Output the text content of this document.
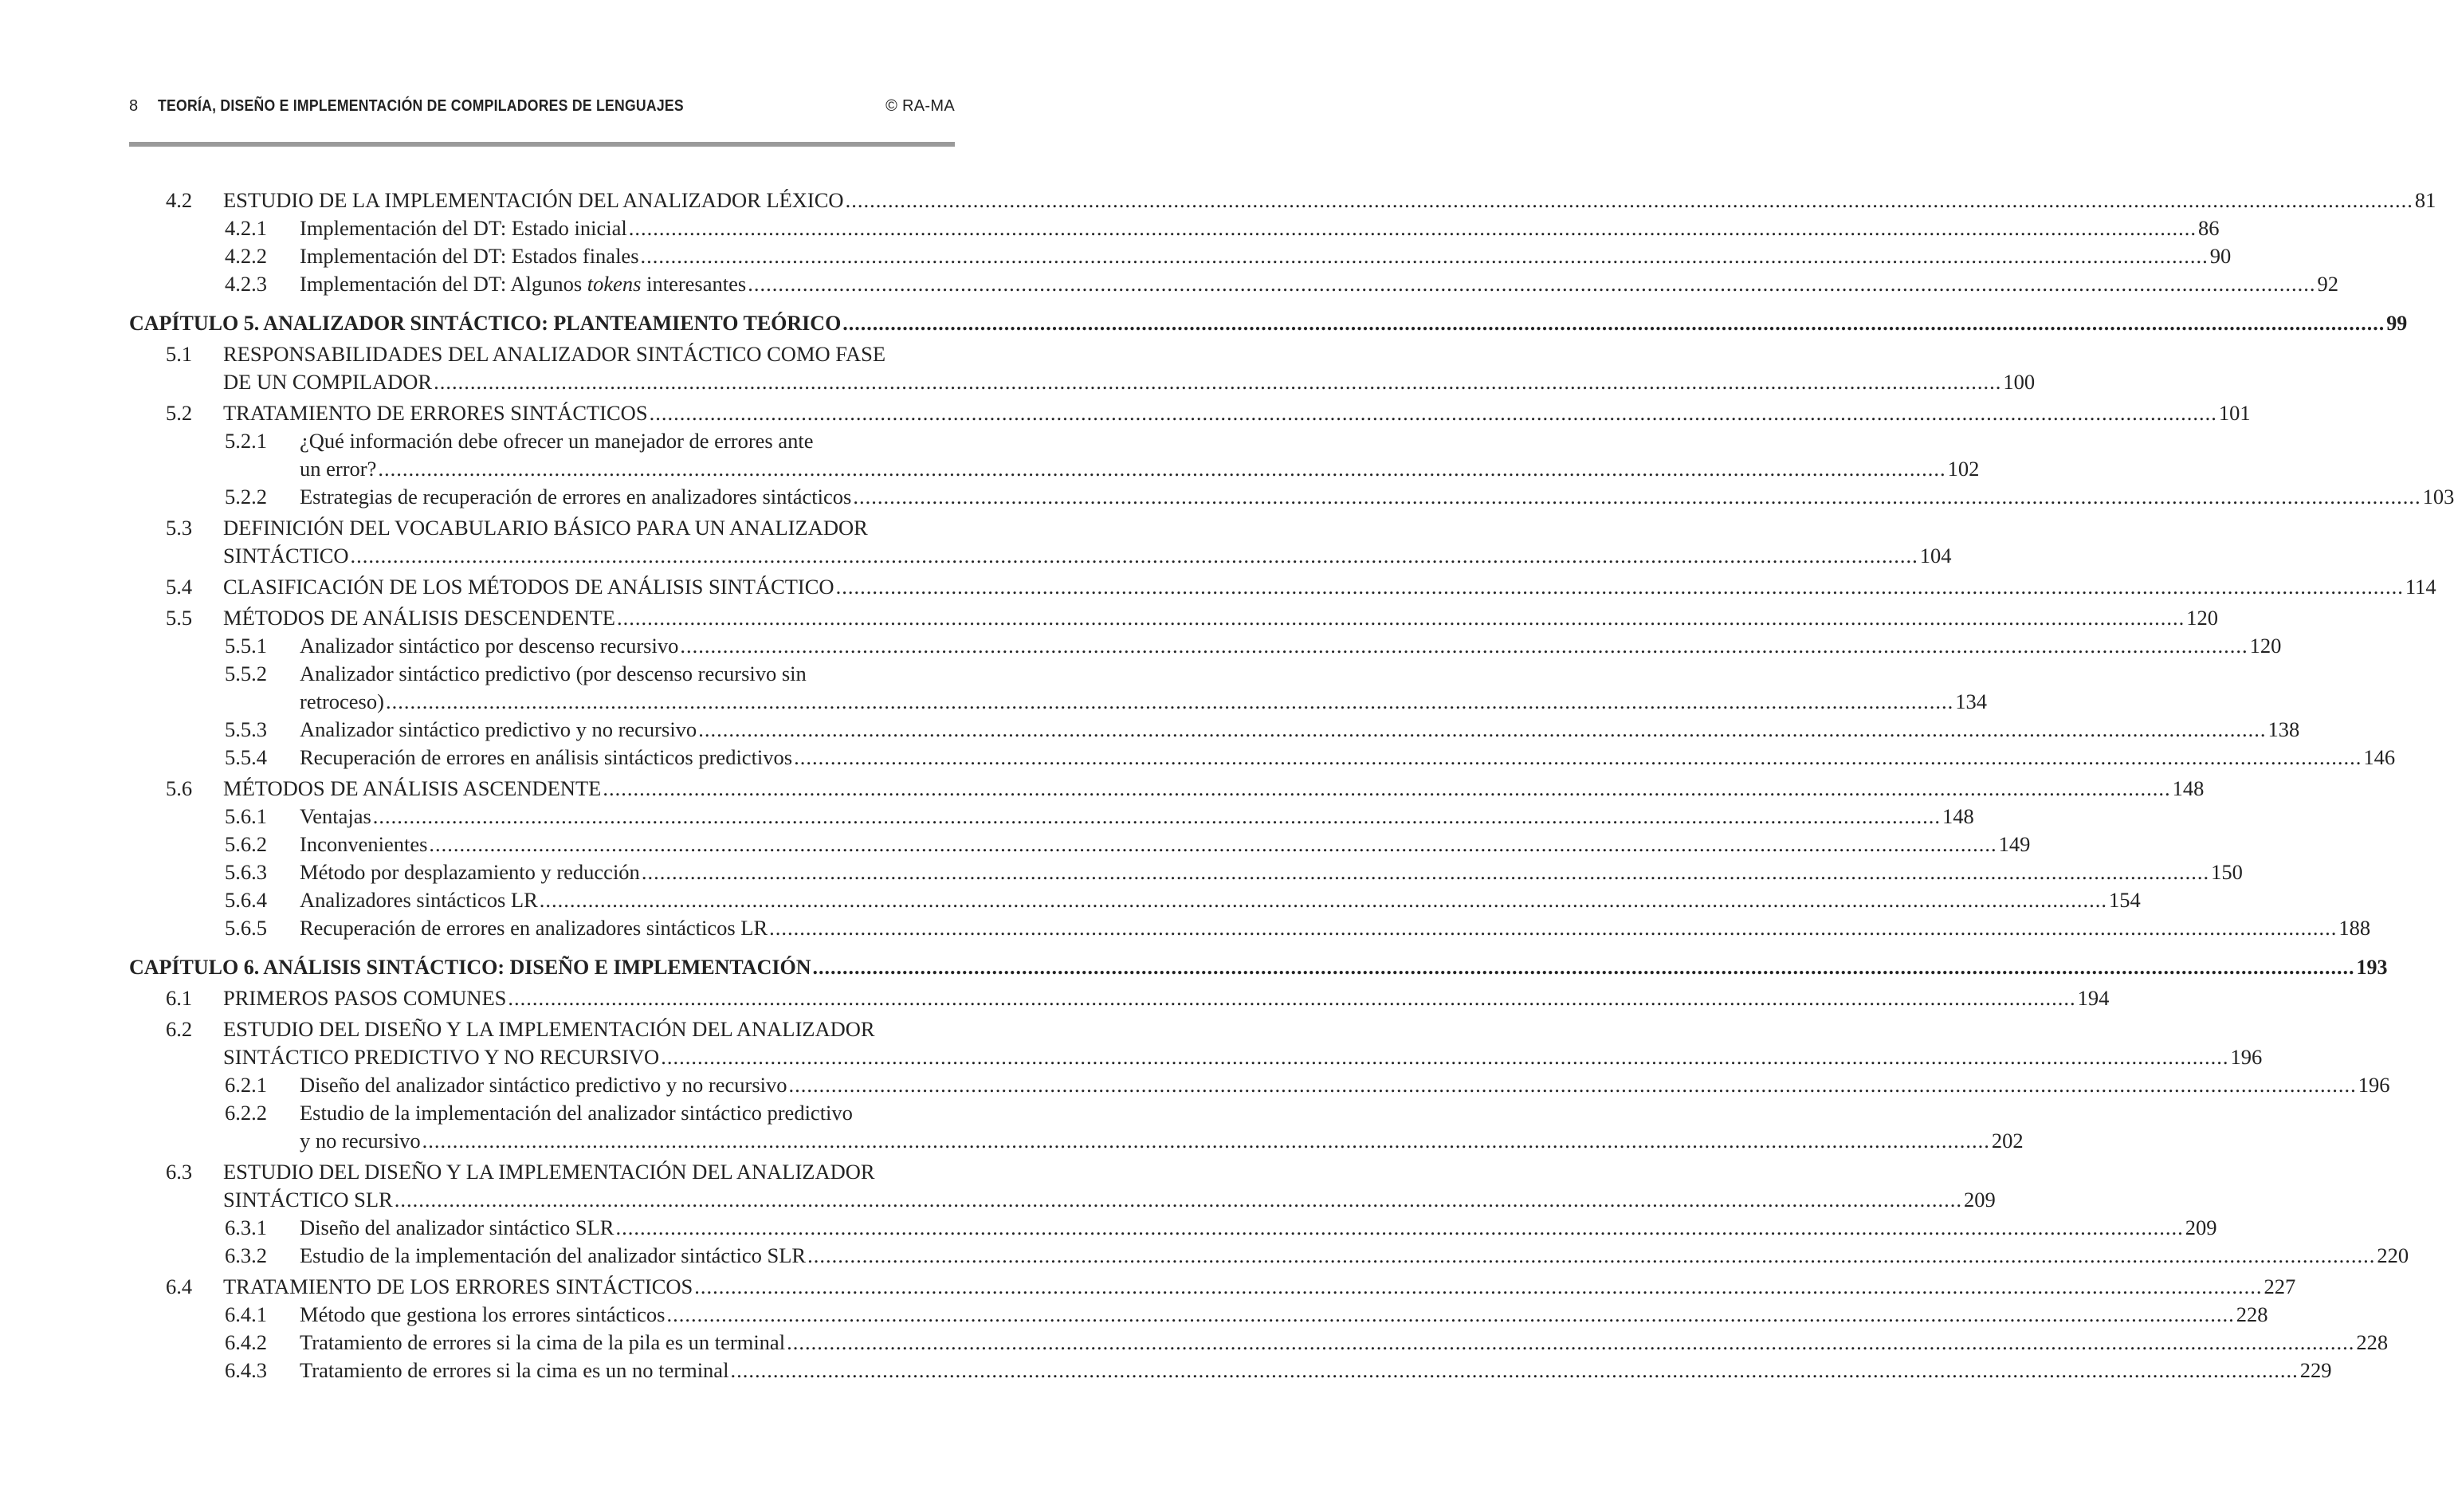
8	TEORÍA, DISEÑO E IMPLEMENTACIÓN DE COMPILADORES DE LENGUAJES	© RA-MA
4.2	ESTUDIO DE LA IMPLEMENTACIÓN DEL ANALIZADOR LÉXICO .....	81
4.2.1	Implementación del DT: Estado inicial .....	86
4.2.2	Implementación del DT: Estados finales .....	90
4.2.3	Implementación del DT: Algunos tokens interesantes .....	92
CAPÍTULO 5. ANALIZADOR SINTÁCTICO: PLANTEAMIENTO TEÓRICO .....	99
5.1	RESPONSABILIDADES DEL ANALIZADOR SINTÁCTICO COMO FASE
DE UN COMPILADOR .....	100
5.2	TRATAMIENTO DE ERRORES SINTÁCTICOS .....	101
5.2.1	¿Qué información debe ofrecer un manejador de errores ante
un error? .....	102
5.2.2	Estrategias de recuperación de errores en analizadores sintácticos .....	103
5.3	DEFINICIÓN DEL VOCABULARIO BÁSICO PARA UN ANALIZADOR
SINTÁCTICO .....	104
5.4	CLASIFICACIÓN DE LOS MÉTODOS DE ANÁLISIS SINTÁCTICO .....	114
5.5	MÉTODOS DE ANÁLISIS DESCENDENTE .....	120
5.5.1	Analizador sintáctico por descenso recursivo .....	120
5.5.2	Analizador sintáctico predictivo (por descenso recursivo sin
retroceso) .....	134
5.5.3	Analizador sintáctico predictivo y no recursivo .....	138
5.5.4	Recuperación de errores en análisis sintácticos predictivos .....	146
5.6	MÉTODOS DE ANÁLISIS ASCENDENTE .....	148
5.6.1	Ventajas .....	148
5.6.2	Inconvenientes .....	149
5.6.3	Método por desplazamiento y reducción .....	150
5.6.4	Analizadores sintácticos LR .....	154
5.6.5	Recuperación de errores en analizadores sintácticos LR .....	188
CAPÍTULO 6. ANÁLISIS SINTÁCTICO: DISEÑO E IMPLEMENTACIÓN .....	193
6.1	PRIMEROS PASOS COMUNES .....	194
6.2	ESTUDIO DEL DISEÑO Y LA IMPLEMENTACIÓN DEL ANALIZADOR
SINTÁCTICO PREDICTIVO Y NO RECURSIVO .....	196
6.2.1	Diseño del analizador sintáctico predictivo y no recursivo .....	196
6.2.2	Estudio de la implementación del analizador sintáctico predictivo
y no recursivo .....	202
6.3	ESTUDIO DEL DISEÑO Y LA IMPLEMENTACIÓN DEL ANALIZADOR
SINTÁCTICO SLR .....	209
6.3.1	Diseño del analizador sintáctico SLR .....	209
6.3.2	Estudio de la implementación del analizador sintáctico SLR .....	220
6.4	TRATAMIENTO DE LOS ERRORES SINTÁCTICOS .....	227
6.4.1	Método que gestiona los errores sintácticos .....	228
6.4.2	Tratamiento de errores si la cima de la pila es un terminal .....	228
6.4.3	Tratamiento de errores si la cima es un no terminal .....	229
